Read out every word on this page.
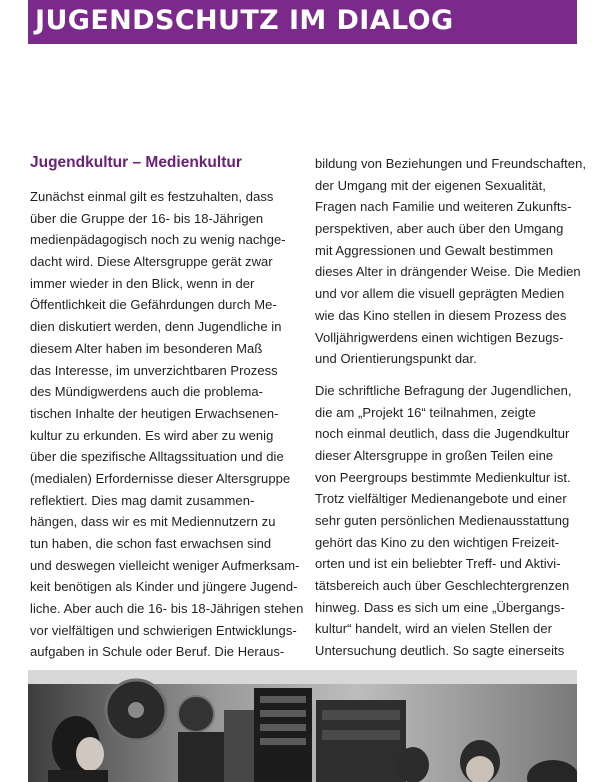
JUGENDSCHUTZ IM DIALOG
Jugendkultur – Medienkultur
Zunächst einmal gilt es festzuhalten, dass
über die Gruppe der 16- bis 18-Jährigen
medienpädagogisch noch zu wenig nachge-
dacht wird. Diese Altersgruppe gerät zwar
immer wieder in den Blick, wenn in der
Öffentlichkeit die Gefährdungen durch Me-
dien diskutiert werden, denn Jugendliche in
diesem Alter haben im besonderen Maß
das Interesse, im unverzichtbaren Prozess
des Mündigwerdens auch die problema-
tischen Inhalte der heutigen Erwachsenen-
kultur zu erkunden. Es wird aber zu wenig
über die spezifische Alltagssituation und die
(medialen) Erfordernisse dieser Altersgruppe
reflektiert. Dies mag damit zusammen-
hängen, dass wir es mit Mediennutzern zu
tun haben, die schon fast erwachsen sind
und deswegen vielleicht weniger Aufmerksam-
keit benötigen als Kinder und jüngere Jugend-
liche. Aber auch die 16- bis 18-Jährigen stehen
vor vielfältigen und schwierigen Entwicklungs-
aufgaben in Schule oder Beruf. Die Heraus-
bildung von Beziehungen und Freundschaften,
der Umgang mit der eigenen Sexualität,
Fragen nach Familie und weiteren Zukunfts-
perspektiven, aber auch über den Umgang
mit Aggressionen und Gewalt bestimmen
dieses Alter in drängender Weise. Die Medien
und vor allem die visuell geprägten Medien
wie das Kino stellen in diesem Prozess des
Volljährigwerdens einen wichtigen Bezugs-
und Orientierungspunkt dar.
Die schriftliche Befragung der Jugendlichen,
die am „Projekt 16“ teilnahmen, zeigte
noch einmal deutlich, dass die Jugendkultur
dieser Altersgruppe in großen Teilen eine
von Peergroups bestimmte Medienkultur ist.
Trotz vielfältiger Medienangebote und einer
sehr guten persönlichen Medienausstattung
gehört das Kino zu den wichtigen Freizeit-
orten und ist ein beliebter Treff- und Aktivi-
tätsbereich auch über Geschlechtergrenzen
hinweg. Dass es sich um eine „Übergangs-
kultur“ handelt, wird an vielen Stellen der
Untersuchung deutlich. So sagte einerseits
